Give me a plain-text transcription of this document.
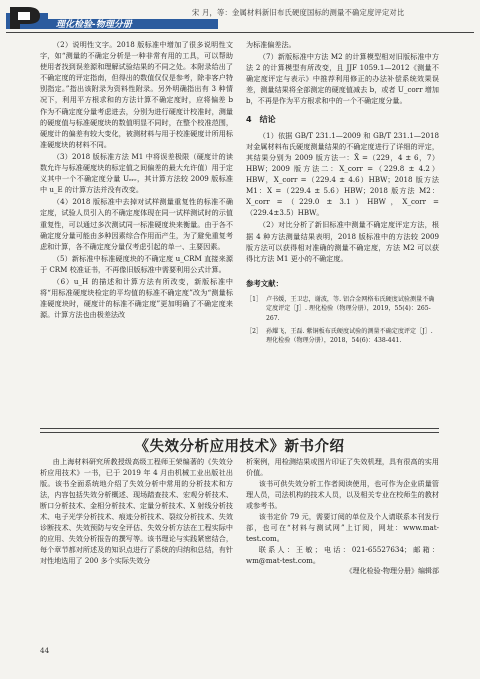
理化检验-物理分册
宋 月，等：金属材料新旧布氏硬度国标的测量不确定度评定对比

（2）说明性文字。2018 版标准中增加了很多说明性文字，如“测量的不确定分析是一种非常有用的工具，可以帮助使用者找到误差源和理解试验结果的不同之处。本附录给出了不确定度的评定指南，但得出的数值仅仅是参考，除非客户特别指定。”指出该附录为资料性附录。另外明确指出有 3 种情况下，利用平方根求和的方法计算不确定度时，应将偏差 b 作为不确定度分量考虑进去，分别为进行硬度计校准时，测量的硬度值与标准硬度块的数值明显不同时，在整个校准范围，硬度计的偏差有较大变化，被测材料与用于校准硬度计所用标准硬度块的材料不同。

（3）2018 版标准方法 M1 中将误差极限（硬度计的读数允许与标准硬度块的标定值之间偏差的最大允许值）用于定义其中一个不确定度分量 Uₑᵣᵣ，其计算方法较 2009 版标准中 u_E 的计算方法并没有改变。

（4）2018 版标准中去掉对试样测量重复性的标准不确定度，试验人员引入的不确定度体现在同一试样测试时的示值重复性，可以通过多次测试同一标准硬度块来衡量。由于各不确定度分量可能由多种因素综合作用而产生，为了避免重复考虑和计算，各不确定度分量仅考虑引起的单一、主要因素。

（5）新标准中标准硬度块的不确定度 u_CRM 直接来源于 CRM 校准证书，不再像旧版标准中需要利用公式计算。

（6）u_H 的描述和计算方法有所改变，新版标准中将“用标准硬度块检定的平均值的标准不确定度”改为“测量标准硬度块时，硬度计的标准不确定度”更加明确了不确定度来源。计算方法也由极差法改

为标准偏差法。

（7）新版标准中方法 M2 的计算模型相对旧版标准中方法 2 的计算模型有所改变，且 JJF 1059.1—2012《测量不确定度评定与表示》中推荐利用修正的办法补偿系统效果误差，测量结果将全部测定的硬度值减去 b，或者 U_corr 增加 b，不再是作为平方根求和中的一个不确定度分量。

4　结论

（1）依据 GB/T 231.1—2009 和 GB/T 231.1—2018 对金属材料布氏硬度测量结果的不确定度进行了详细的评定，其结果分别为 2009 版方法一：X̄ =（229，4 ± 6，7）HBW；2009 版方法二：X_corr =（229.8 ± 4.2）HBW，X_corr =（229.4 ± 4.6）HBW；2018 版方法 M1：X =（229.4 ± 5.6）HBW；2018 版方法 M2：X_corr =（229.0 ± 3.1）HBW，X_corr =（229.4±3.5）HBW。

（2）对比分析了新旧标准中测量不确定度评定方法，根据 4 种方法测量结果表明，2018 版标准中的方法较 2009 版方法可以获得相对准确的测量不确定度，方法 M2 可以获得比方法 M1 更小的不确定度。

参考文献：
［1］ 卢书媛，王卫忠，谢波，等. 铝合金网格布氏硬度试验测量不确定度评定［J］. 理化检验（物理分册），2019，55(4)：265-267.
［2］ 孙耀飞，王磊. 紫铜板布氏硬度试验的测量不确定度评定［J］. 理化检验（物理分册），2018，54(6)：438-441.
《失效分析应用技术》新书介绍

由上海材料研究所教授级高级工程师王荣编著的《失效分析应用技术》一书，已于 2019 年 4 月由机械工业出版社出版。该书全面系统地介绍了失效分析中常用的分析技术和方法，内容包括失效分析概述、现场踏查技术、宏观分析技术、断口分析技术、金相分析技术、定量分析技术、X 射线分析技术、电子光学分析技术、痕迹分析技术、裂纹分析技术、失效诊断技术、失效预防与安全评估、失效分析方法在工程实际中的应用、失效分析报告的撰写等。该书理论与实践紧密结合，每个章节都对所述及的知识点进行了系统的归纳和总结，有针对性地选用了 200 多个实际失效分

析案例，用检测结果或图片印证了失效机理，具有很高的实用价值。

该书可供失效分析工作者阅读使用，也可作为企业质量管理人员，司法机构的技术人员，以及相关专业在校师生的教材或参考书。

该书定价 79 元，需要订阅的单位及个人请联系本刊发行部，也可在“材料与测试网”上订阅，网址：www.mat-test.com。

联系人：王敏；电话：021-65527634；邮箱：wm@mat-test.com。

《理化检验-物理分册》编辑部

44
